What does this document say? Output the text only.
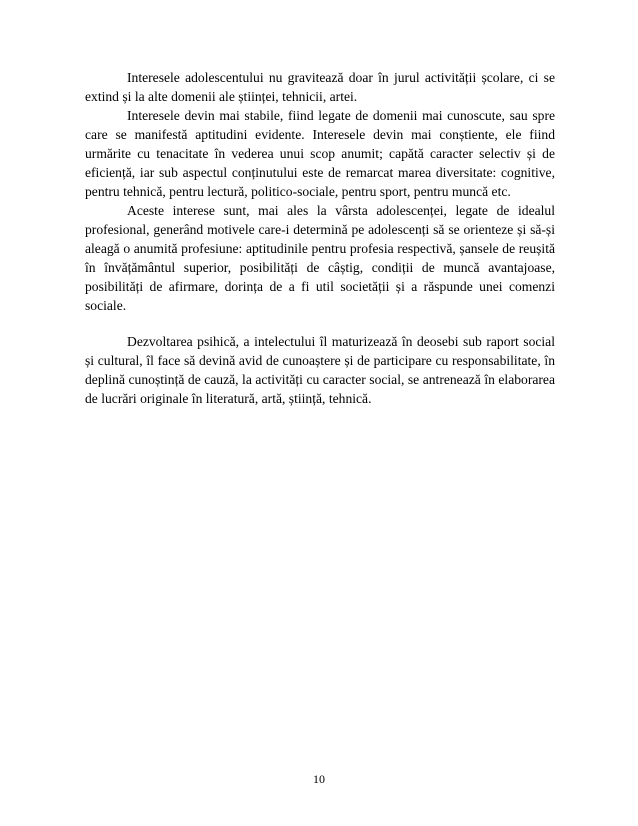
Interesele adolescentului nu gravitează doar în jurul activității școlare, ci se extind și la alte domenii ale științei, tehnicii, artei.

Interesele devin mai stabile, fiind legate de domenii mai cunoscute, sau spre care se manifestă aptitudini evidente. Interesele devin mai conștiente, ele fiind urmărite cu tenacitate în vederea unui scop anumit; capătă caracter selectiv și de eficiență, iar sub aspectul conținutului este de remarcat marea diversitate: cognitive, pentru tehnică, pentru lectură, politico-sociale, pentru sport, pentru muncă etc.

Aceste interese sunt, mai ales la vârsta adolescenței, legate de idealul profesional, generând motivele care-i determină pe adolescenți să se orienteze și să-și aleagă o anumită profesiune: aptitudinile pentru profesia respectivă, șansele de reușită în învățământul superior, posibilități de câștig, condiții de muncă avantajoase, posibilități de afirmare, dorința de a fi util societății și a răspunde unei comenzi sociale.

Dezvoltarea psihică, a intelectului îl maturizează în deosebi sub raport social și cultural, îl face să devină avid de cunoaștere și de participare cu responsabilitate, în deplină cunoștință de cauză, la activități cu caracter social, se antrenează în elaborarea de lucrări originale în literatură, artă, știință, tehnică.

10
